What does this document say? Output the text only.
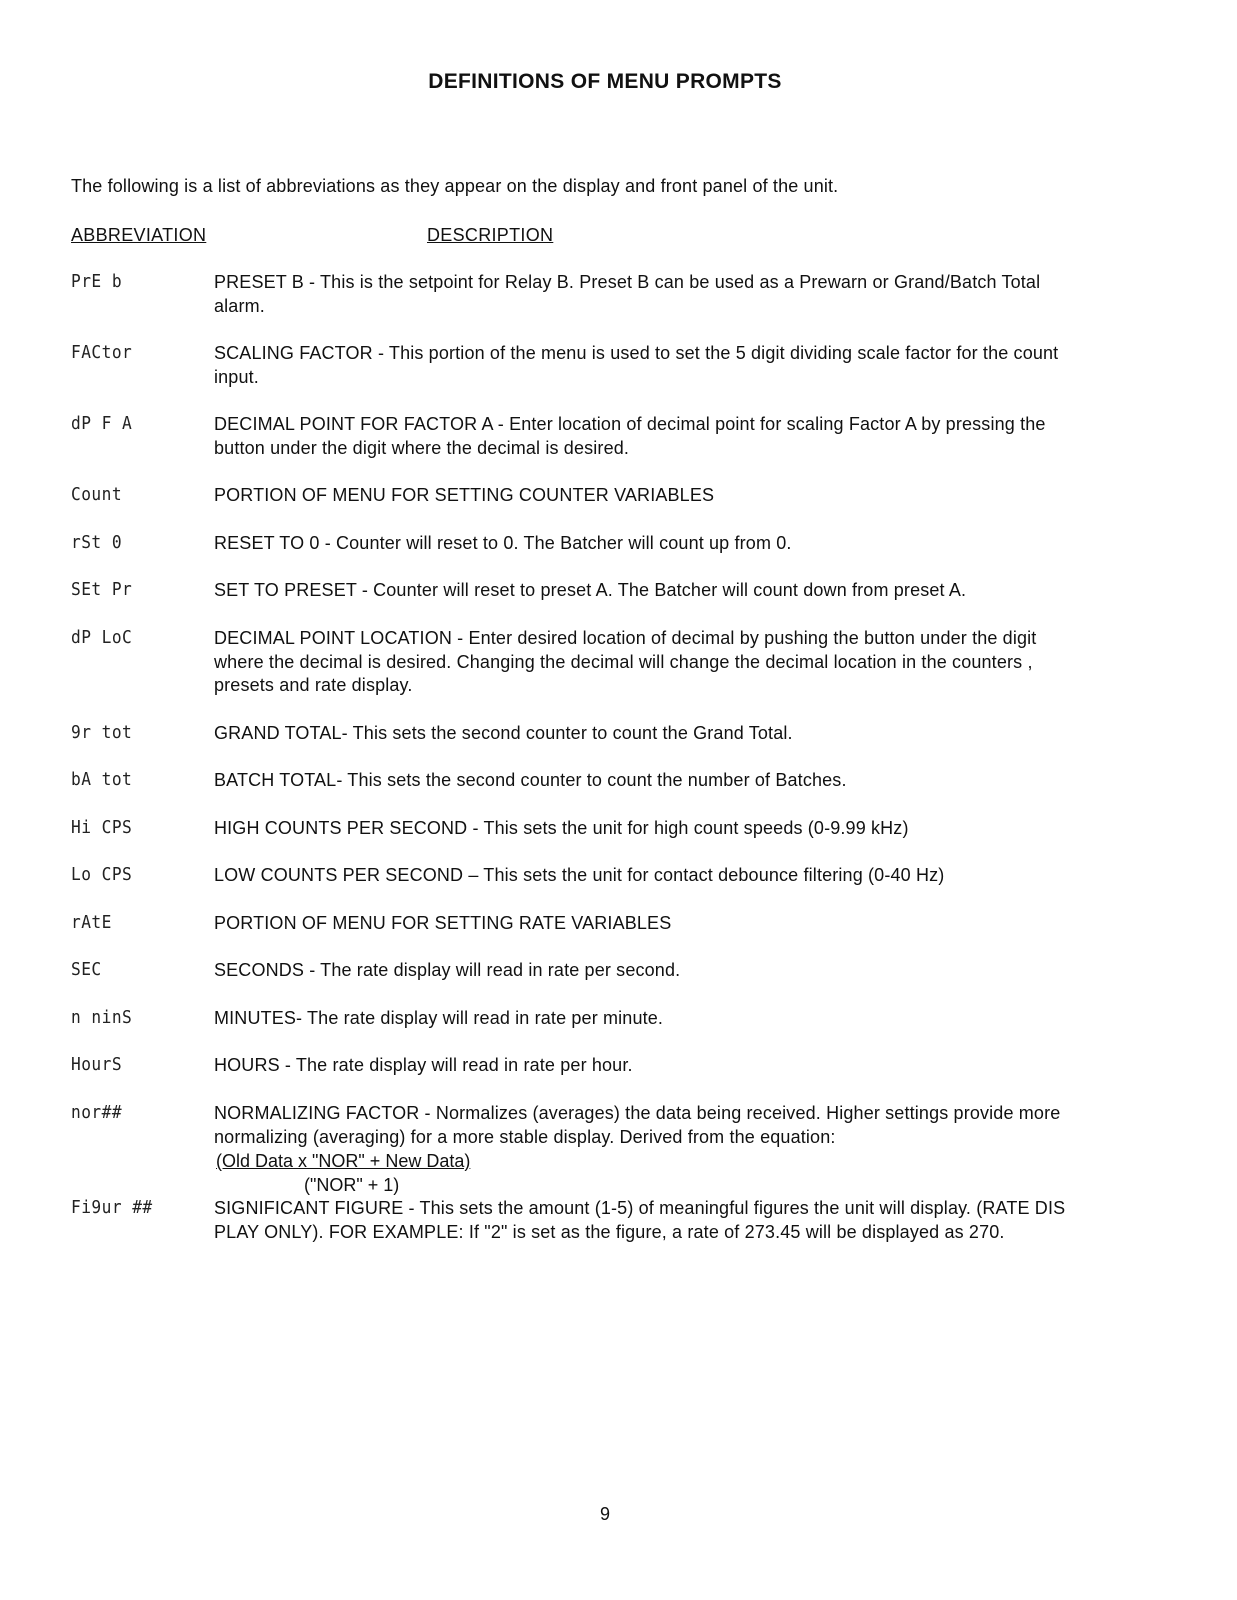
DEFINITIONS OF MENU PROMPTS
The following is a list of abbreviations as they appear on the display and front panel of the unit.
ABBREVIATION	DESCRIPTION
PrE b	PRESET B - This is the setpoint for Relay B. Preset B can be used as a Prewarn or Grand/Batch Total
alarm.
FACtor	SCALING FACTOR - This portion of the menu is used to set the 5 digit dividing scale factor for the count
input.
dP F A	DECIMAL POINT FOR FACTOR A - Enter location of decimal point for scaling Factor A by pressing the
button under the digit where the decimal is desired.
Count	PORTION OF MENU FOR SETTING COUNTER VARIABLES
rSt 0	RESET TO 0 - Counter will reset to 0. The Batcher will count up from 0.
SEt Pr	SET TO PRESET - Counter will reset to preset A. The Batcher will count down from preset A.
dP LoC	DECIMAL POINT LOCATION - Enter desired location of decimal by pushing the button under the digit
where the decimal is desired. Changing the decimal will change the decimal location in the counters ,
presets and rate display.
9r tot	GRAND TOTAL- This sets the second counter to count the Grand Total.
bA tot	BATCH TOTAL- This sets the second counter to count the number of Batches.
Hi CPS	HIGH COUNTS PER SECOND - This sets the unit for high count speeds (0-9.99 kHz)
Lo CPS	LOW COUNTS PER SECOND – This sets the unit for contact debounce filtering (0-40 Hz)
rAtE	PORTION OF MENU FOR SETTING RATE VARIABLES
SEC	SECONDS - The rate display will read in rate per second.
n ninS	MINUTES- The rate display will read in rate per minute.
HourS	HOURS - The rate display will read in rate per hour.
nor##	NORMALIZING FACTOR - Normalizes (averages) the data being received. Higher settings provide more
normalizing (averaging) for a more stable display. Derived from the equation:
(Old Data x "NOR" + New Data)
("NOR" + 1)
Fi9ur ##	SIGNIFICANT FIGURE - This sets the amount (1-5) of meaningful figures the unit will display. (RATE DIS
PLAY ONLY). FOR EXAMPLE: If "2" is set as the figure, a rate of 273.45 will be displayed as 270.
9
